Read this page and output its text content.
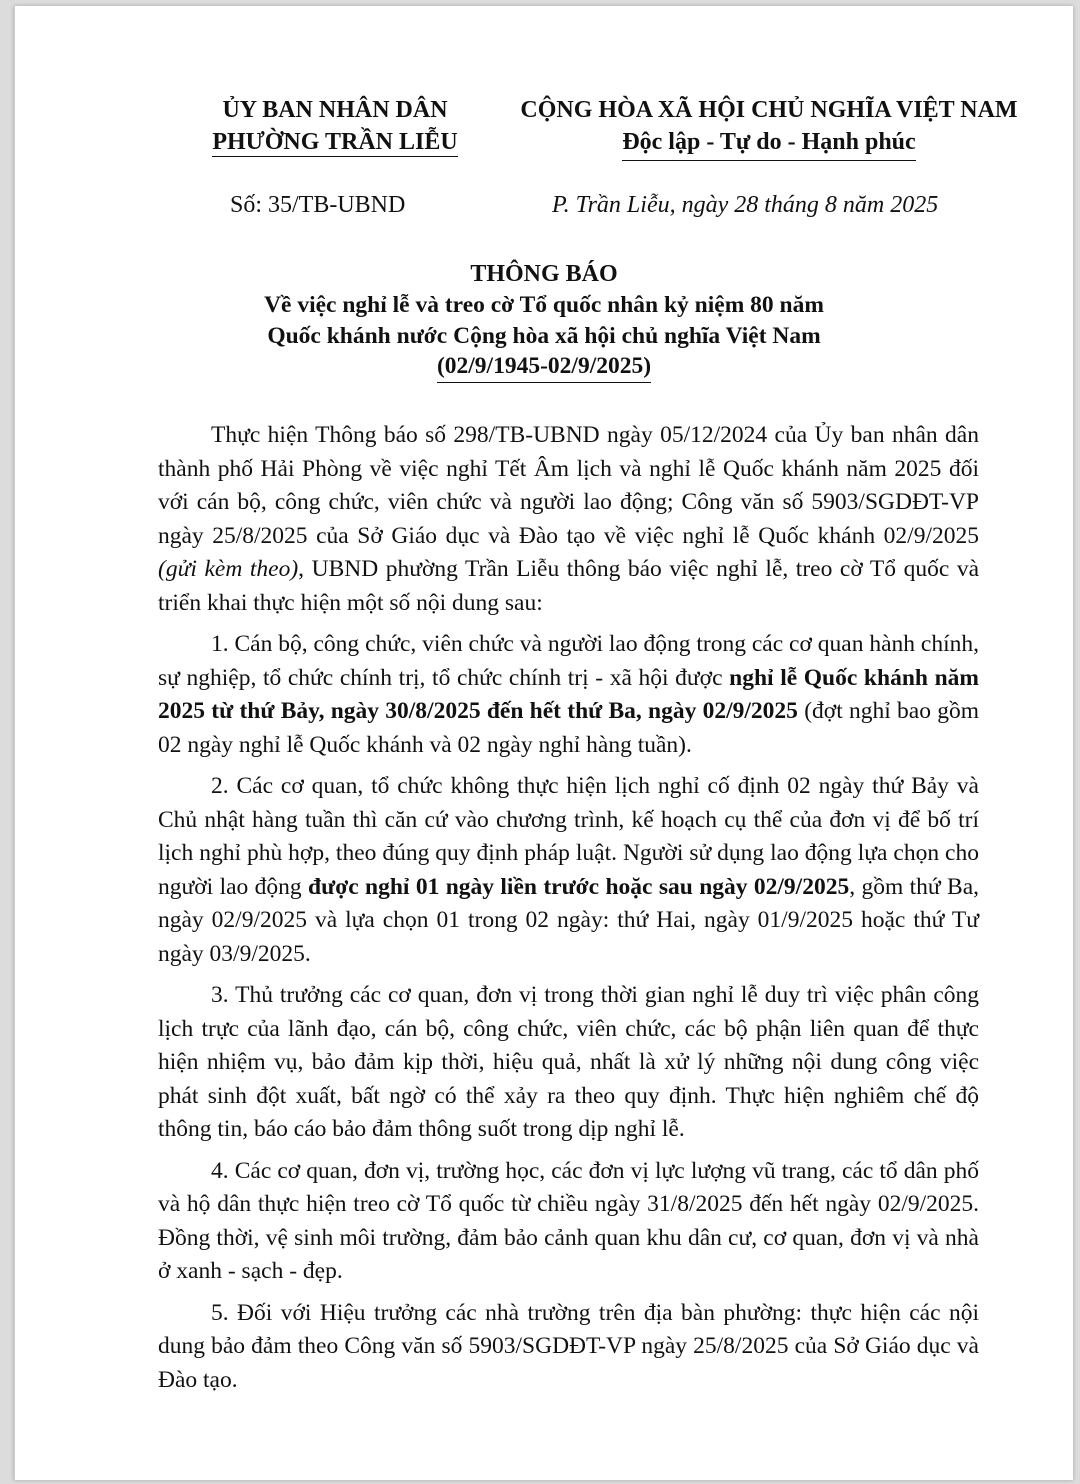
ỦY BAN NHÂN DÂN
PHƯỜNG TRẦN LIỄU
CỘNG HÒA XÃ HỘI CHỦ NGHĨA VIỆT NAM
Độc lập - Tự do - Hạnh phúc
Số: 35/TB-UBND	P. Trần Liễu, ngày 28 tháng 8 năm 2025
THÔNG BÁO
Về việc nghỉ lễ và treo cờ Tổ quốc nhân kỷ niệm 80 năm
Quốc khánh nước Cộng hòa xã hội chủ nghĩa Việt Nam
(02/9/1945-02/9/2025)

Thực hiện Thông báo số 298/TB-UBND ngày 05/12/2024 của Ủy ban nhân dân thành phố Hải Phòng về việc nghỉ Tết Âm lịch và nghỉ lễ Quốc khánh năm 2025 đối với cán bộ, công chức, viên chức và người lao động; Công văn số 5903/SGDĐT-VP ngày 25/8/2025 của Sở Giáo dục và Đào tạo về việc nghỉ lễ Quốc khánh 02/9/2025 (gửi kèm theo), UBND phường Trần Liễu thông báo việc nghỉ lễ, treo cờ Tổ quốc và triển khai thực hiện một số nội dung sau:

1. Cán bộ, công chức, viên chức và người lao động trong các cơ quan hành chính, sự nghiệp, tổ chức chính trị, tổ chức chính trị - xã hội được nghỉ lễ Quốc khánh năm 2025 từ thứ Bảy, ngày 30/8/2025 đến hết thứ Ba, ngày 02/9/2025 (đợt nghỉ bao gồm 02 ngày nghỉ lễ Quốc khánh và 02 ngày nghỉ hàng tuần).

2. Các cơ quan, tổ chức không thực hiện lịch nghỉ cố định 02 ngày thứ Bảy và Chủ nhật hàng tuần thì căn cứ vào chương trình, kế hoạch cụ thể của đơn vị để bố trí lịch nghỉ phù hợp, theo đúng quy định pháp luật. Người sử dụng lao động lựa chọn cho người lao động được nghỉ 01 ngày liền trước hoặc sau ngày 02/9/2025, gồm thứ Ba, ngày 02/9/2025 và lựa chọn 01 trong 02 ngày: thứ Hai, ngày 01/9/2025 hoặc thứ Tư ngày 03/9/2025.

3. Thủ trưởng các cơ quan, đơn vị trong thời gian nghỉ lễ duy trì việc phân công lịch trực của lãnh đạo, cán bộ, công chức, viên chức, các bộ phận liên quan để thực hiện nhiệm vụ, bảo đảm kịp thời, hiệu quả, nhất là xử lý những nội dung công việc phát sinh đột xuất, bất ngờ có thể xảy ra theo quy định. Thực hiện nghiêm chế độ thông tin, báo cáo bảo đảm thông suốt trong dịp nghỉ lễ.

4. Các cơ quan, đơn vị, trường học, các đơn vị lực lượng vũ trang, các tổ dân phố và hộ dân thực hiện treo cờ Tổ quốc từ chiều ngày 31/8/2025 đến hết ngày 02/9/2025. Đồng thời, vệ sinh môi trường, đảm bảo cảnh quan khu dân cư, cơ quan, đơn vị và nhà ở xanh - sạch - đẹp.

5. Đối với Hiệu trưởng các nhà trường trên địa bàn phường: thực hiện các nội dung bảo đảm theo Công văn số 5903/SGDĐT-VP ngày 25/8/2025 của Sở Giáo dục và Đào tạo.
